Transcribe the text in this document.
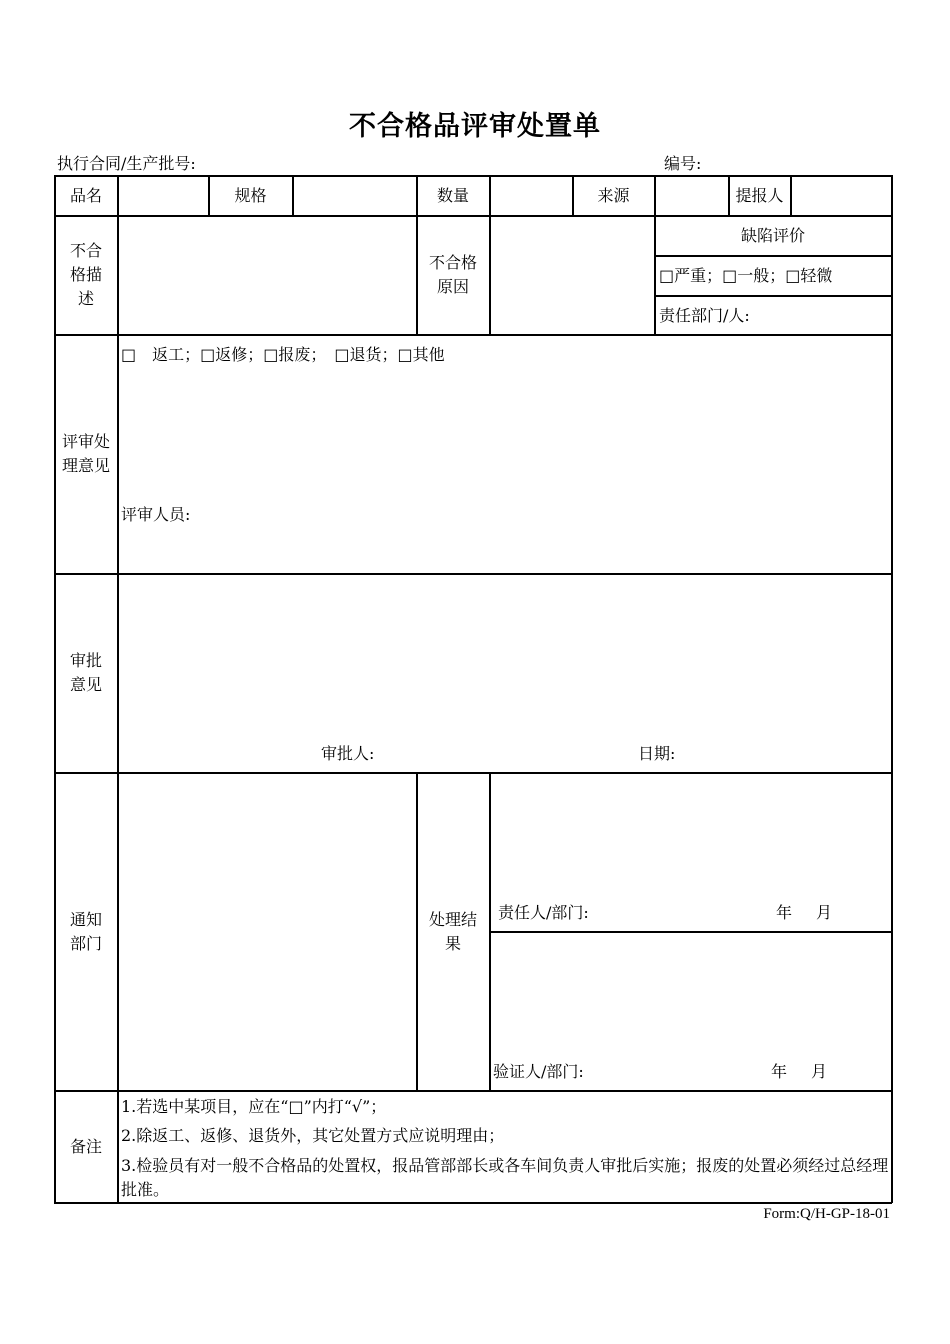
不合格品评审处置单
执行合同/生产批号:	编号:
品名	规格	数量	来源	提报人
不合格描述
不合格原因
缺陷评价
□严重；□一般；□轻微
责任部门/人:
评审处理意见
□　返工；□返修；□报废；　□退货；□其他
评审人员:
审批意见
审批人:	日期:
通知部门
处理结果
责任人/部门:	年 月
验证人/部门:	年 月
备注
1.若选中某项目，应在“□”内打“√”；
2.除返工、返修、退货外，其它处置方式应说明理由；
3.检验员有对一般不合格品的处置权，报品管部部长或各车间负责人审批后实施；报废的处置必须经过总经理批准。
Form:Q/H-GP-18-01
